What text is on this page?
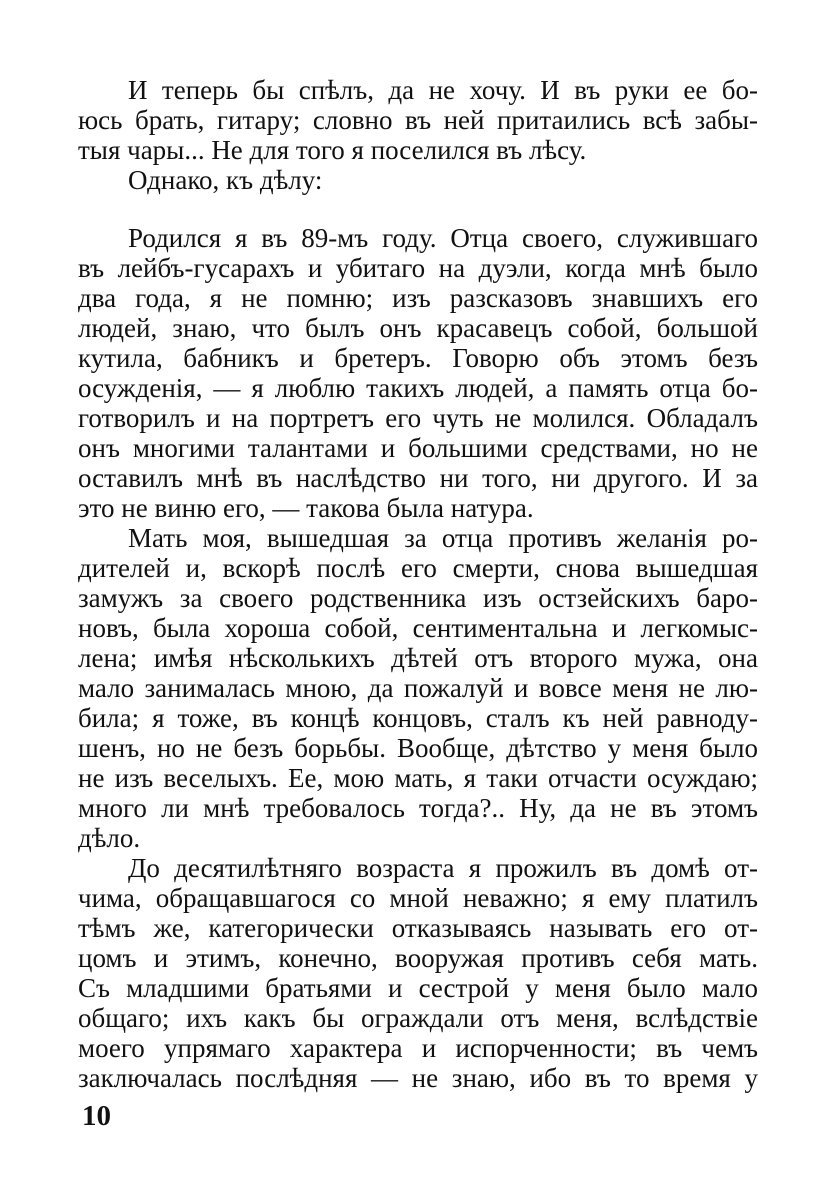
И теперь бы спѣлъ, да не хочу. И въ руки ее бо-
юсь брать, гитару; словно въ ней притаились всѣ забы-
тыя чары... Не для того я поселился въ лѣсу.
Однако, къ дѣлу:
Родился я въ 89-мъ году. Отца своего, служившаго
въ лейбъ-гусарахъ и убитаго на дуэли, когда мнѣ было
два года, я не помню; изъ разсказовъ знавшихъ его
людей, знаю, что былъ онъ красавецъ собой, большой
кутила, бабникъ и бретеръ. Говорю объ этомъ безъ
осужденія, — я люблю такихъ людей, а память отца бо-
готворилъ и на портретъ его чуть не молился. Обладалъ
онъ многими талантами и большими средствами, но не
оставилъ мнѣ въ наслѣдство ни того, ни другого. И за
это не виню его, — такова была натура.
Мать моя, вышедшая за отца противъ желанія ро-
дителей и, вскорѣ послѣ его смерти, снова вышедшая
замужъ за своего родственника изъ остзейскихъ баро-
новъ, была хороша собой, сентиментальна и легкомыс-
лена; имѣя нѣсколькихъ дѣтей отъ второго мужа, она
мало занималась мною, да пожалуй и вовсе меня не лю-
била; я тоже, въ концѣ концовъ, сталъ къ ней равноду-
шенъ, но не безъ борьбы. Вообще, дѣтство у меня было
не изъ веселыхъ. Ее, мою мать, я таки отчасти осуждаю;
много ли мнѣ требовалось тогда?.. Ну, да не въ этомъ
дѣло.
До десятилѣтняго возраста я прожилъ въ домѣ от-
чима, обращавшагося со мной неважно; я ему платилъ
тѣмъ же, категорически отказываясь называть его от-
цомъ и этимъ, конечно, вооружая противъ себя мать.
Съ младшими братьями и сестрой у меня было мало
общаго; ихъ какъ бы ограждали отъ меня, вслѣдствіе
моего упрямаго характера и испорченности; въ чемъ
заключалась послѣдняя — не знаю, ибо въ то время у
10
